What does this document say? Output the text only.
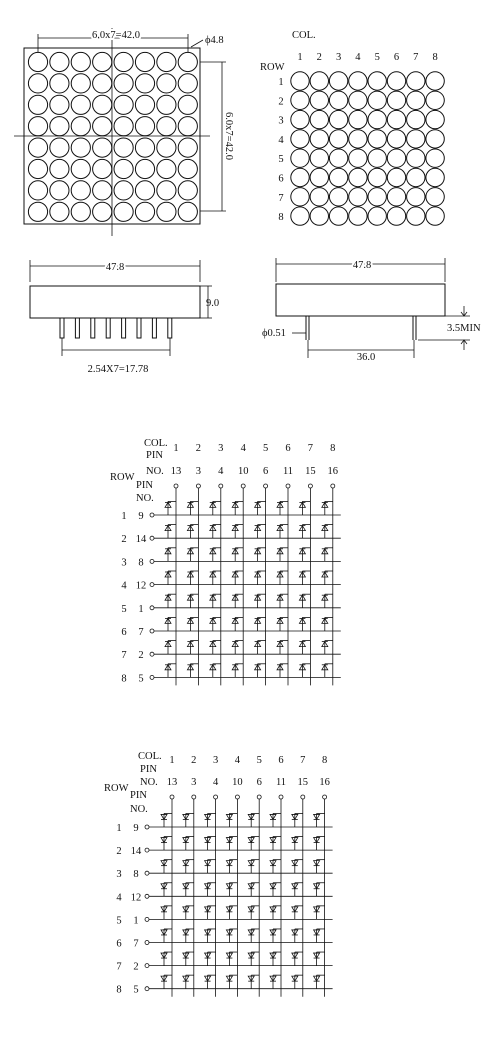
6.0x7=42.0	ϕ4.8
6.0x7=42.0
COL.
ROW
1 2 3 4 5 6 7 8
1
2
3
4
5
6
7
8
47.8
9.0
2.54X7=17.78
47.8
ϕ0.51
36.0
3.5MIN
COL.
PIN
NO.
ROW
PIN
NO.
1
13
2
3
3
4
4
10
5
6
6
11
7
15
8
16
1 9
2 14
3 8
4 12
5 1
6 7
7 2
8 5
COL.
PIN
NO.
ROW
PIN
NO.
1
13
2
3
3
4
4
10
5
6
6
11
7
15
8
16
1 9
2 14
3 8
4 12
5 1
6 7
7 2
8 5
